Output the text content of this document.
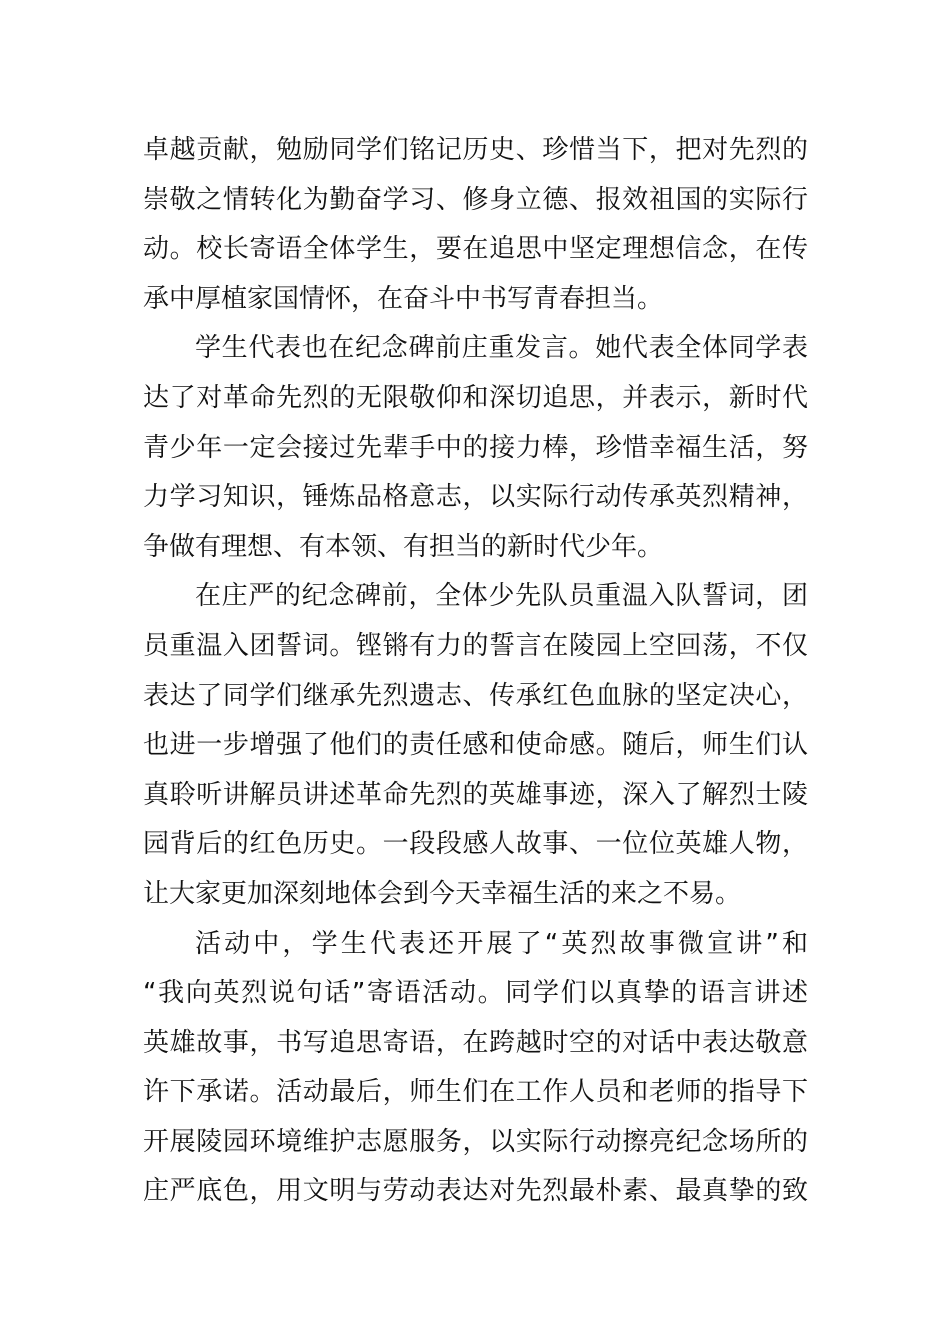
卓越贡献，勉励同学们铭记历史、珍惜当下，把对先烈的
崇敬之情转化为勤奋学习、修身立德、报效祖国的实际行
动。校长寄语全体学生，要在追思中坚定理想信念，在传
承中厚植家国情怀，在奋斗中书写青春担当。
学生代表也在纪念碑前庄重发言。她代表全体同学表
达了对革命先烈的无限敬仰和深切追思，并表示，新时代
青少年一定会接过先辈手中的接力棒，珍惜幸福生活，努
力学习知识，锤炼品格意志，以实际行动传承英烈精神，
争做有理想、有本领、有担当的新时代少年。
在庄严的纪念碑前，全体少先队员重温入队誓词，团
员重温入团誓词。铿锵有力的誓言在陵园上空回荡，不仅
表达了同学们继承先烈遗志、传承红色血脉的坚定决心，
也进一步增强了他们的责任感和使命感。随后，师生们认
真聆听讲解员讲述革命先烈的英雄事迹，深入了解烈士陵
园背后的红色历史。一段段感人故事、一位位英雄人物，
让大家更加深刻地体会到今天幸福生活的来之不易。
活动中，学生代表还开展了“英烈故事微宣讲”和
“我向英烈说句话”寄语活动。同学们以真挚的语言讲述
英雄故事，书写追思寄语，在跨越时空的对话中表达敬意
许下承诺。活动最后，师生们在工作人员和老师的指导下
开展陵园环境维护志愿服务，以实际行动擦亮纪念场所的
庄严底色，用文明与劳动表达对先烈最朴素、最真挚的致
